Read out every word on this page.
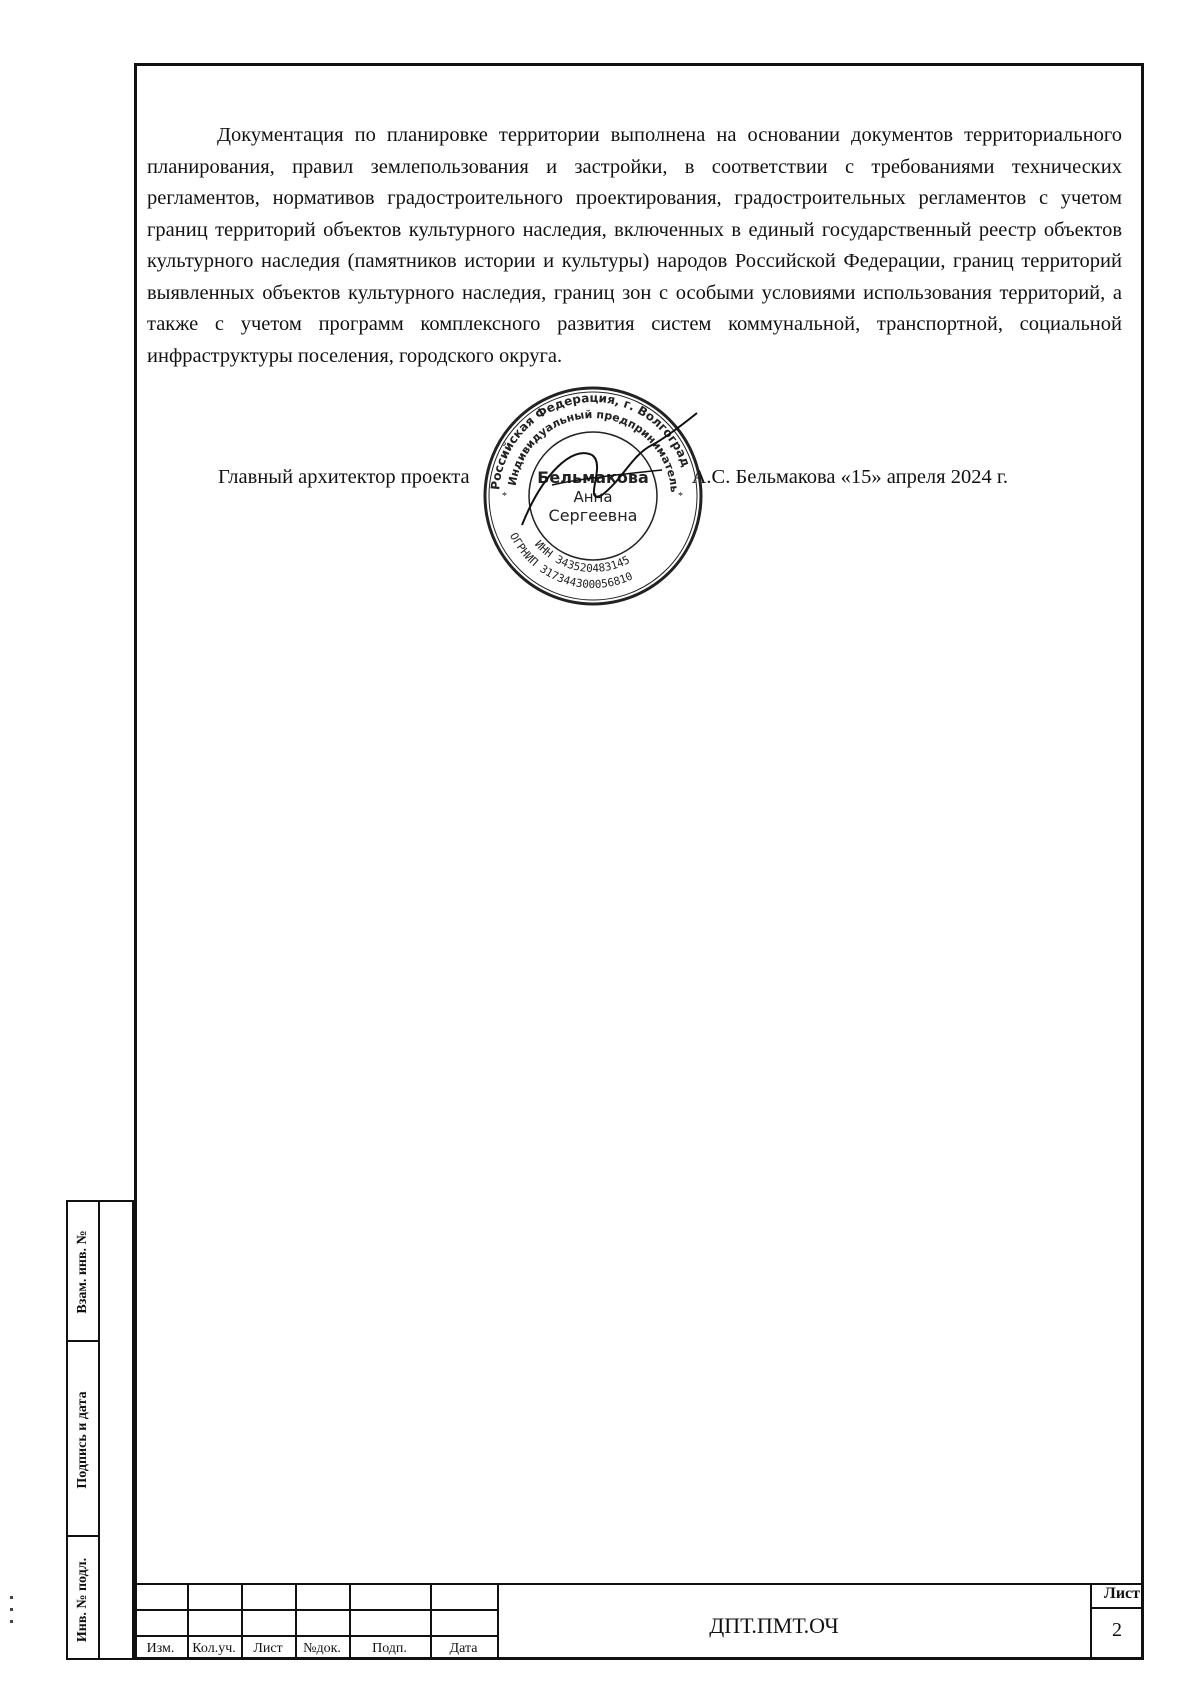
Документация по планировке территории выполнена на основании документов территориального планирования, правил землепользования и застройки, в соответствии с требованиями технических регламентов, нормативов градостроительного проектирования, градостроительных регламентов с учетом границ территорий объектов культурного наследия, включенных в единый государственный реестр объектов культурного наследия (памятников истории и культуры) народов Российской Федерации, границ территорий выявленных объектов культурного наследия, границ зон с особыми условиями использования территорий, а также с учетом программ комплексного развития систем коммунальной, транспортной, социальной инфраструктуры поселения, городского округа.

Главный архитектор проекта	А.С. Бельмакова «15» апреля 2024 г.
Российская Федерация, г. Волгоград
Индивидуальный предприниматель
ИНН 343520483145
ОГРНИП 317344300056810
Бельмакова
Анна
Сергеевна
*	*
Взам. инв. №
Подпись и дата
Инв. № подл.
Изм.	Кол.уч.	Лист	№док.	Подп.	Дата
ДПТ.ПМТ.ОЧ
Лист
2
